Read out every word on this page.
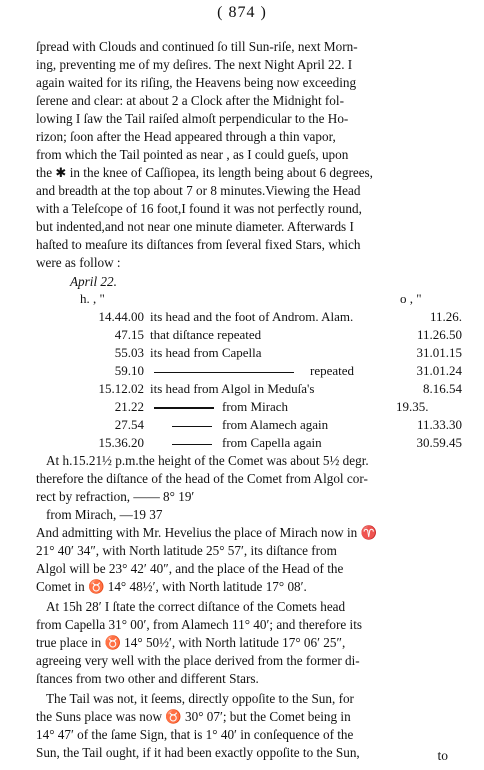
( 874 )
ſpread with Clouds and continued ſo till Sun-riſe, next Morn-
ing, preventing me of my deſires. The next Night April 22. I
again waited for its riſing, the Heavens being now exceeding
ſerene and clear: at about 2 a Clock after the Midnight fol-
lowing I ſaw the Tail raiſed almoſt perpendicular to the Ho-
rizon; ſoon after the Head appeared through a thin vapor,
from which the Tail pointed as near , as I could gueſs, upon
the ✱ in the knee of Caſſiopea, its length being about 6 degrees,
and breadth at the top about 7 or 8 minutes.Viewing the Head
with a Teleſcope of 16 foot,I found it was not perfectly round,
but indented,and not near one minute diameter. Afterwards I
haſted to meaſure its diſtances from ſeveral fixed Stars, which
were as follow :
April 22.
h. , "	o , "
14.44.00 its head and the foot of Androm. Alam.	11.26.
47.15 that diſtance repeated	11.26.50
55.03 its head from Capella	31.01.15
59.10	repeated	31.01.24
15.12.02 its head from Algol in Meduſa's	8.16.54
21.22	from Mirach	19.35.
27.54	from Alamech again	11.33.30
15.36.20	from Capella again	30.59.45
At h.15.21½ p.m.the height of the Comet was about 5½ degr.
therefore the diſtance of the head of the Comet from Algol cor-
rect by refraction, —— 8° 19′
from Mirach, —19 37
And admitting with Mr. Hevelius the place of Mirach now in ♈
21° 40′ 34″, with North latitude 25° 57′, its diſtance from
Algol will be 23° 42′ 40″, and the place of the Head of the
Comet in ♉ 14° 48½′, with North latitude 17° 08′.
At 15h 28′ I ſtate the correct diſtance of the Comets head
from Capella 31° 00′, from Alamech 11° 40′; and therefore its
true place in ♉ 14° 50½′, with North latitude 17° 06′ 25″,
agreeing very well with the place derived from the former di-
ſtances from two other and different Stars.
The Tail was not, it ſeems, directly oppoſite to the Sun, for
the Suns place was now ♉ 30° 07′; but the Comet being in
14° 47′ of the ſame Sign, that is 1° 40′ in conſequence of the
Sun, the Tail ought, if it had been exactly oppoſite to the Sun,	to
